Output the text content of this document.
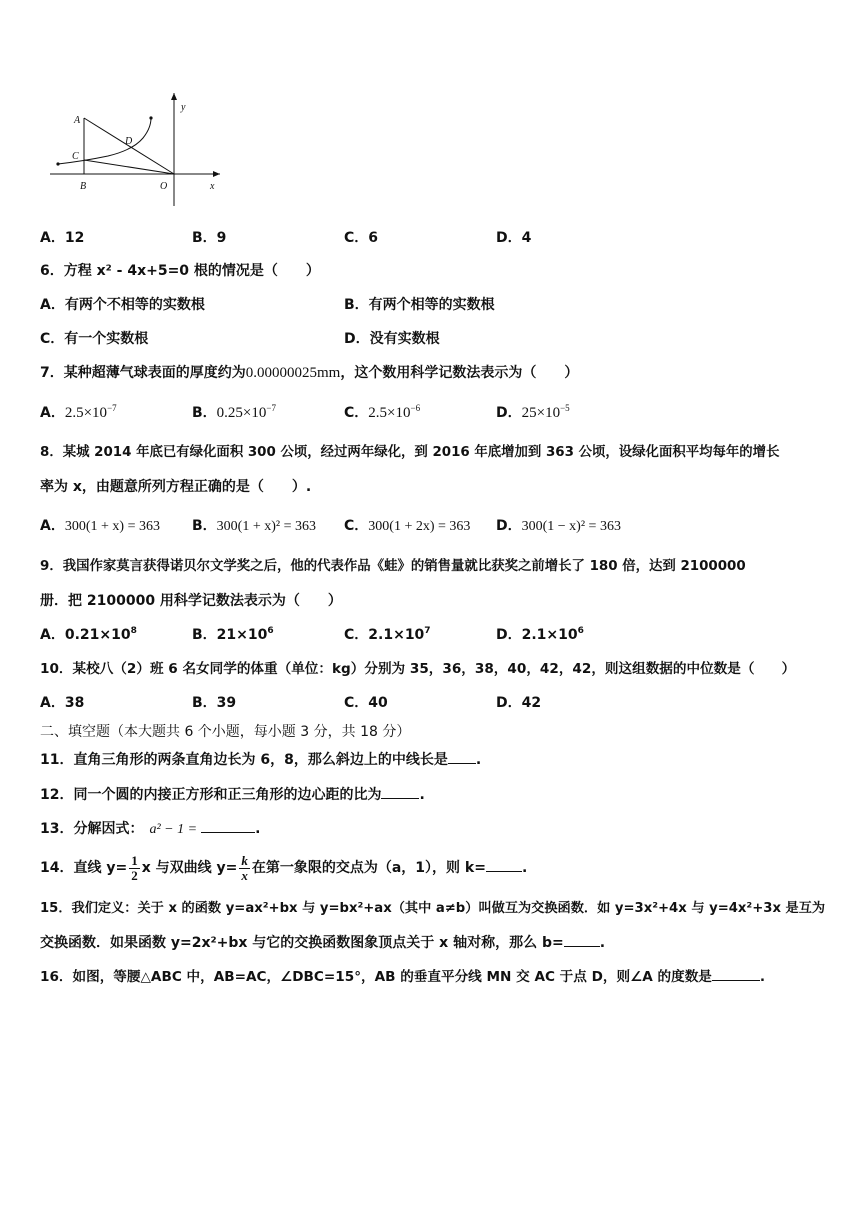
A
B
C
D
O	x
y
A．12	B．9	C．6	D．4
6．方程 x² - 4x+5=0 根的情况是（　　）
A．有两个不相等的实数根	B．有两个相等的实数根
C．有一个实数根	D．没有实数根
7．某种超薄气球表面的厚度约为0.00000025mm，这个数用科学记数法表示为（　　）
A．$2.5\times 10^{-7}$	B．$0.25\times 10^{-7}$	C．$2.5\times 10^{-6}$	D．$25\times 10^{-5}$
8．某城 2014 年底已有绿化面积 300 公顷，经过两年绿化，到 2016 年底增加到 363 公顷，设绿化面积平均每年的增长
率为 x，由题意所列方程正确的是（　　）.
A．300(1 + x) = 363 B．300(1 + x)² = 363 C．300(1 + 2x) = 363 D．300(1 − x)² = 363
9．我国作家莫言获得诺贝尔文学奖之后，他的代表作品《蛙》的销售量就比获奖之前增长了 180 倍，达到 2100000
册．把 2100000 用科学记数法表示为（　　）
A．$0.21\times 10^8$	B．$21\times 10^6$	C．$2.1\times 10^7$	D．$2.1\times 10^6$
10．某校八（2）班 6 名女同学的体重（单位：kg）分别为 35，36，38，40，42，42，则这组数据的中位数是（　　）
A．38	B．39	C．40	D．42
二、填空题（本大题共 6 个小题，每小题 3 分，共 18 分）
11．直角三角形的两条直角边长为 6，8，那么斜边上的中线长是 .
12．同一个圆的内接正方形和正三角形的边心距的比为	.
13．分解因式： a² − 1 =	.
14．直线 $y= \frac{1}{2}$ x 与双曲线 $y= \frac{k}{x}$ 在第一象限的交点为（a，1），则 k=	.
15．我们定义：关于 x 的函数 y=ax²+bx 与 y=bx²+ax（其中 a≠b）叫做互为交换函数．如 y=3x²+4x 与 y=4x²+3x 是互为
交换函数．如果函数 y=2x²+bx 与它的交换函数图象顶点关于 x 轴对称，那么 b=	.
16．如图，等腰△ABC 中，AB=AC，∠DBC=15°，AB 的垂直平分线 MN 交 AC 于点 D，则∠A 的度数是	.
